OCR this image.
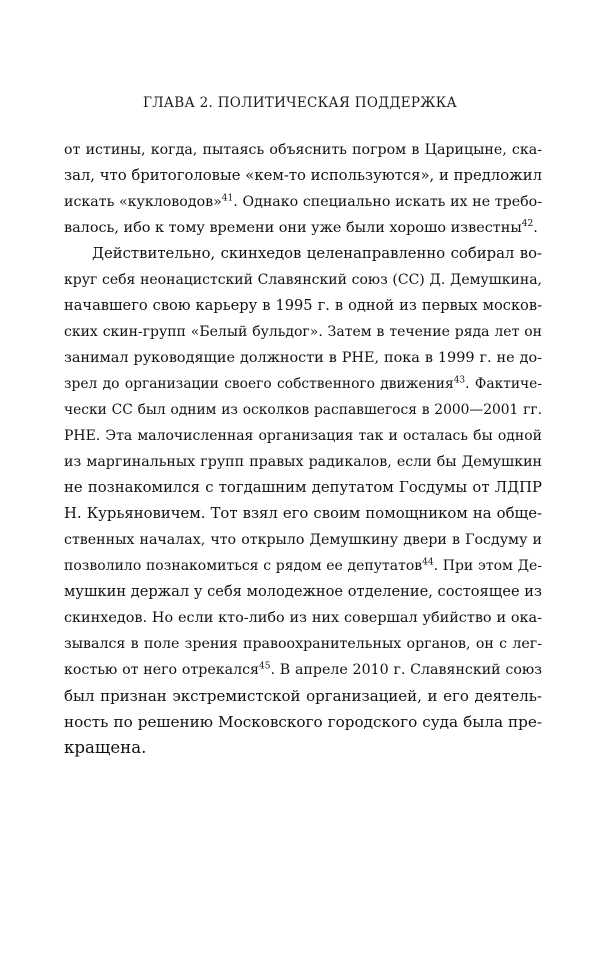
ГЛАВА 2. ПОЛИТИЧЕСКАЯ ПОДДЕРЖКА
от истины, когда, пытаясь объяснить погром в Царицыне, ска-
зал, что бритоголовые «кем-то используются», и предложил
искать «кукловодов»$^{41}$. Однако специально искать их не требо-
валось, ибо к тому времени они уже были хорошо известны$^{42}$.
Действительно, скинхедов целенаправленно собирал во-
круг себя неонацистский Славянский союз (СС) Д. Демушкина,
начавшего свою карьеру в 1995 г. в одной из первых москов-
ских скин-групп «Белый бульдог». Затем в течение ряда лет он
занимал руководящие должности в РНЕ, пока в 1999 г. не до-
зрел до организации своего собственного движения$^{43}$. Фактиче-
чески СС был одним из осколков распавшегося в 2000—2001 гг.
РНЕ. Эта малочисленная организация так и осталась бы одной
из маргинальных групп правых радикалов, если бы Демушкин
не познакомился с тогдашним депутатом Госдумы от ЛДПР
Н. Курьяновичем. Тот взял его своим помощником на обще-
ственных началах, что открыло Демушкину двери в Госдуму и
позволило познакомиться с рядом ее депутатов$^{44}$. При этом Де-
мушкин держал у себя молодежное отделение, состоящее из
скинхедов. Но если кто-либо из них совершал убийство и ока-
зывался в поле зрения правоохранительных органов, он с лег-
костью от него отрекался$^{45}$. В апреле 2010 г. Славянский союз
был признан экстремистской организацией, и его деятель-
ность по решению Московского городского суда была пре-
кращена.
